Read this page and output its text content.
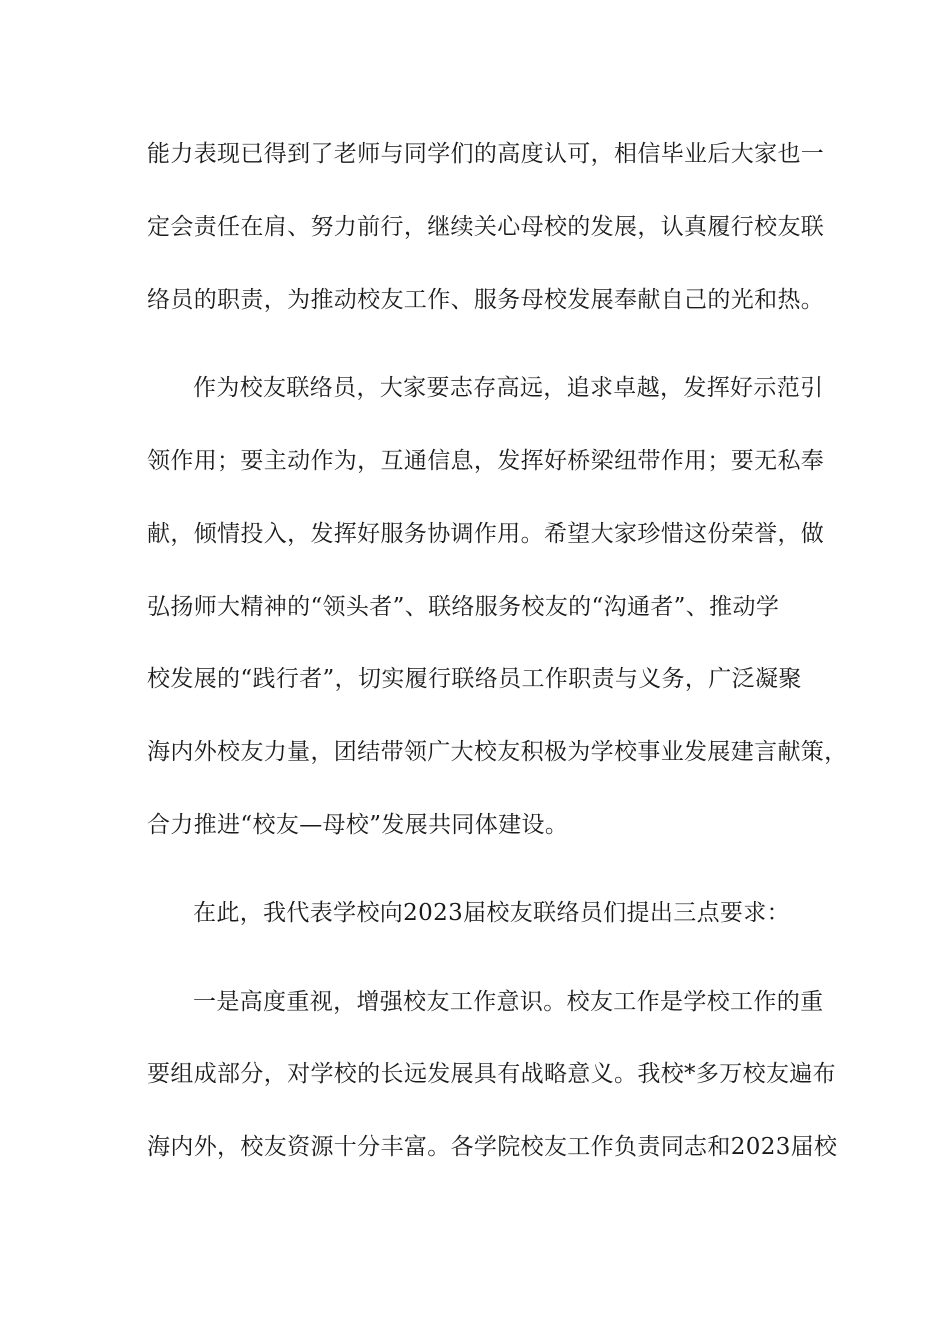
能力表现已得到了老师与同学们的高度认可，相信毕业后大家也一
定会责任在肩、努力前行，继续关心母校的发展，认真履行校友联
络员的职责，为推动校友工作、服务母校发展奉献自己的光和热。
作为校友联络员，大家要志存高远，追求卓越，发挥好示范引
领作用；要主动作为，互通信息，发挥好桥梁纽带作用；要无私奉
献，倾情投入，发挥好服务协调作用。希望大家珍惜这份荣誉，做
弘扬师大精神的“领头者”、联络服务校友的“沟通者”、推动学
校发展的“践行者”，切实履行联络员工作职责与义务，广泛凝聚
海内外校友力量，团结带领广大校友积极为学校事业发展建言献策，
合力推进“校友—母校”发展共同体建设。
在此，我代表学校向2023届校友联络员们提出三点要求：
一是高度重视，增强校友工作意识。校友工作是学校工作的重
要组成部分，对学校的长远发展具有战略意义。我校*多万校友遍布
海内外，校友资源十分丰富。各学院校友工作负责同志和2023届校
